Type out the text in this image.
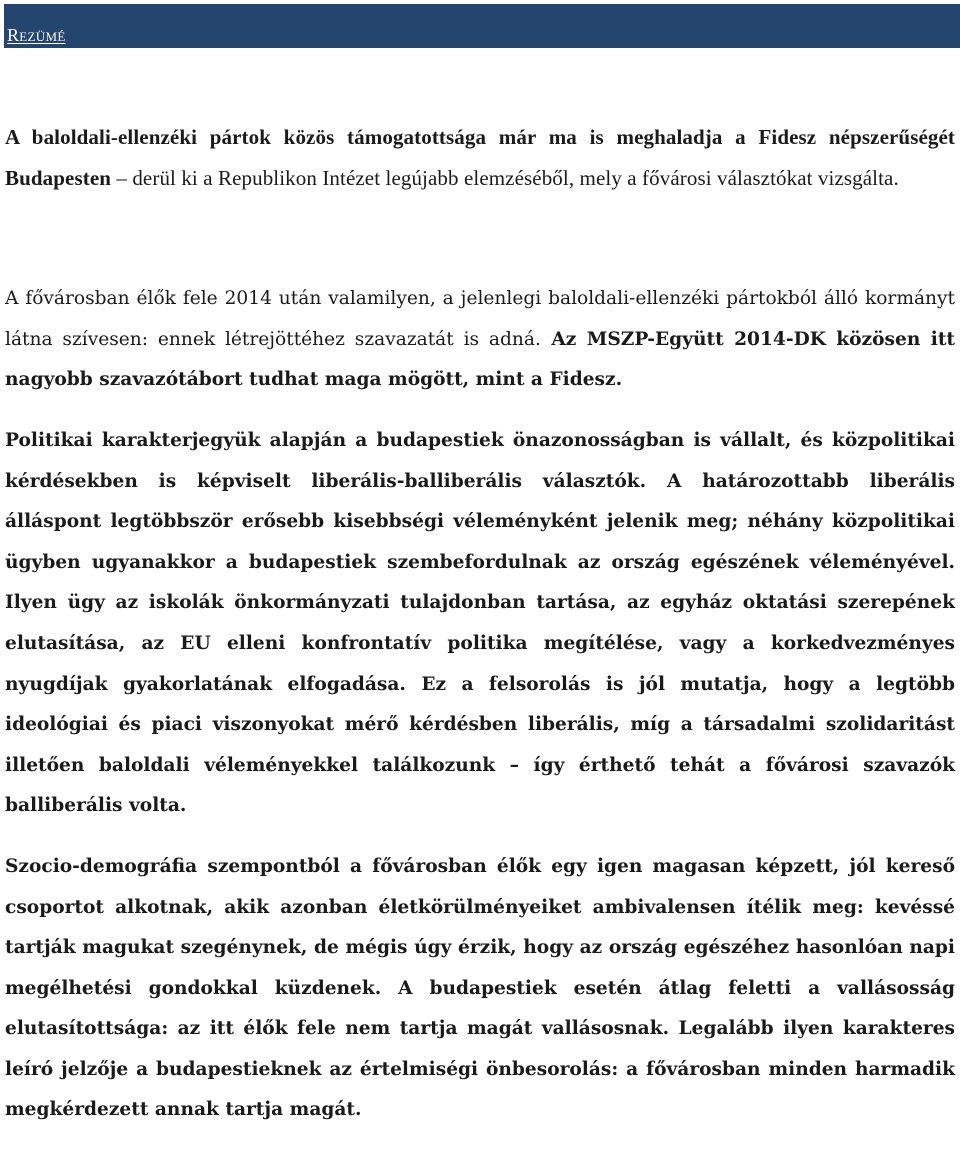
Rezümé

A baloldali-ellenzéki pártok közös támogatottsága már ma is meghaladja a Fidesz népszerűségét Budapesten – derül ki a Republikon Intézet legújabb elemzéséből, mely a fővárosi választókat vizsgálta.

A fővárosban élők fele 2014 után valamilyen, a jelenlegi baloldali-ellenzéki pártokból álló kormányt látna szívesen: ennek létrejöttéhez szavazatát is adná. Az MSZP-Együtt 2014-DK közösen itt nagyobb szavazótábort tudhat maga mögött, mint a Fidesz.

Politikai karakterjegyük alapján a budapestiek önazonosságban is vállalt, és közpolitikai kérdésekben is képviselt liberális-balliberális választók. A határozottabb liberális álláspont legtöbbször erősebb kisebbségi véleményként jelenik meg; néhány közpolitikai ügyben ugyanakkor a budapestiek szembefordulnak az ország egészének véleményével. Ilyen ügy az iskolák önkormányzati tulajdonban tartása, az egyház oktatási szerepének elutasítása, az EU elleni konfrontatív politika megítélése, vagy a korkedvezményes nyugdíjak gyakorlatának elfogadása. Ez a felsorolás is jól mutatja, hogy a legtöbb ideológiai és piaci viszonyokat mérő kérdésben liberális, míg a társadalmi szolidaritást illetően baloldali véleményekkel találkozunk – így érthető tehát a fővárosi szavazók balliberális volta.

Szocio-demográfia szempontból a fővárosban élők egy igen magasan képzett, jól kereső csoportot alkotnak, akik azonban életkörülményeiket ambivalensen ítélik meg: kevéssé tartják magukat szegénynek, de mégis úgy érzik, hogy az ország egészéhez hasonlóan napi megélhetési gondokkal küzdenek. A budapestiek esetén átlag feletti a vallásosság elutasítottsága: az itt élők fele nem tartja magát vallásosnak. Legalább ilyen karakteres leíró jelzője a budapestieknek az értelmiségi önbesorolás: a fővárosban minden harmadik megkérdezett annak tartja magát.
